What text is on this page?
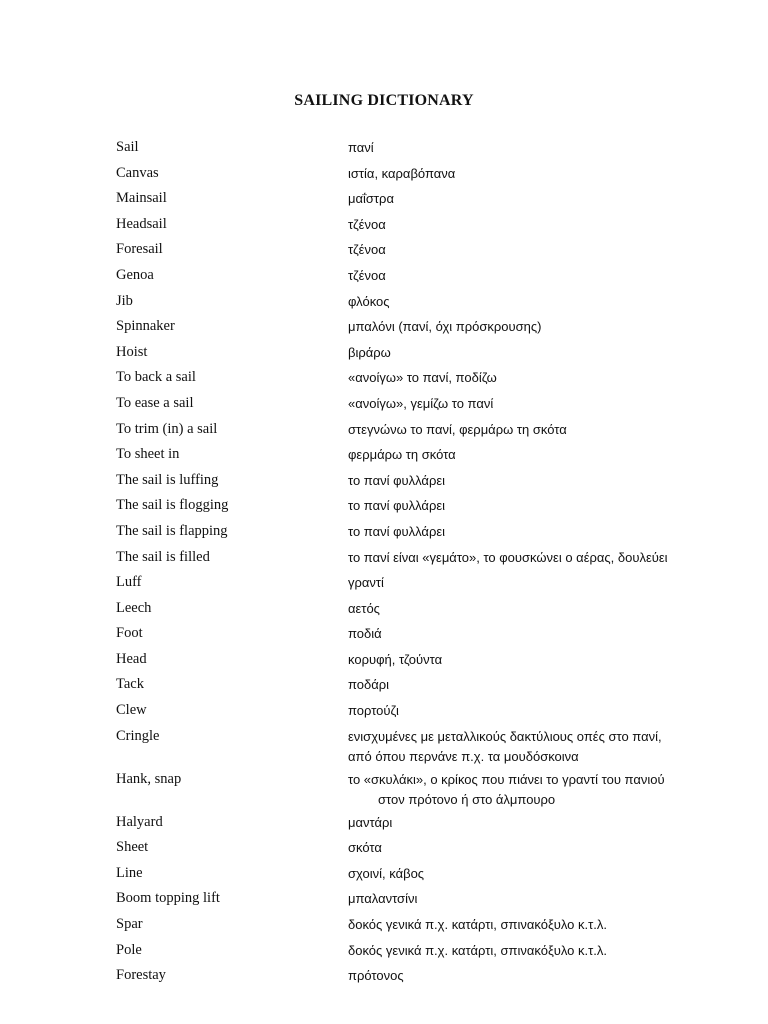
SAILING DICTIONARY
Sail	πανί
Canvas	ιστία, καραβόπανα
Mainsail	μαΐστρα
Headsail	τζένοα
Foresail	τζένοα
Genoa	τζένοα
Jib	φλόκος
Spinnaker	μπαλόνι (πανί, όχι πρόσκρουσης)
Hoist	βιράρω
To back a sail	«ανοίγω» το πανί, ποδίζω
To ease a sail	«ανοίγω», γεμίζω το πανί
To trim (in) a sail	στεγνώνω το πανί, φερμάρω τη σκότα
To sheet in	φερμάρω τη σκότα
The sail is luffing	το πανί φυλλάρει
The sail is flogging	το πανί φυλλάρει
The sail is flapping	το πανί φυλλάρει
The sail is filled	το πανί είναι «γεμάτο», το φουσκώνει ο αέρας, δουλεύει
Luff	γραντί
Leech	αετός
Foot	ποδιά
Head	κορυφή, τζούντα
Tack	ποδάρι
Clew	πορτούζι
Cringle	ενισχυμένες με μεταλλικούς δακτύλιους οπές στο πανί,
από όπου περνάνε π.χ. τα μουδόσκοινα
Hank, snap	το «σκυλάκι», ο κρίκος που πιάνει το γραντί του πανιού
στον πρότονο ή στο άλμπουρο
Halyard	μαντάρι
Sheet	σκότα
Line	σχοινί, κάβος
Boom topping lift	μπαλαντσίνι
Spar	δοκός γενικά π.χ. κατάρτι, σπινακόξυλο κ.τ.λ.
Pole	δοκός γενικά π.χ. κατάρτι, σπινακόξυλο κ.τ.λ.
Forestay	πρότονος
